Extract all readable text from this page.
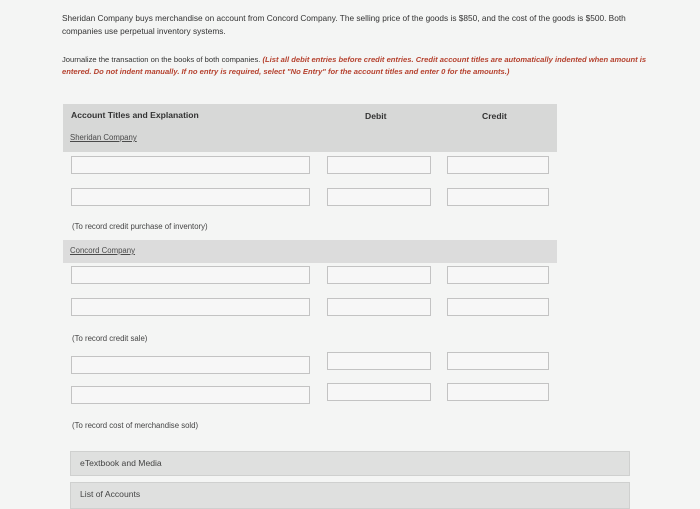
Sheridan Company buys merchandise on account from Concord Company. The selling price of the goods is $850, and the cost of the goods is $500. Both companies use perpetual inventory systems.
Journalize the transaction on the books of both companies. (List all debit entries before credit entries. Credit account titles are automatically indented when amount is entered. Do not indent manually. If no entry is required, select "No Entry" for the account titles and enter 0 for the amounts.)
Account Titles and Explanation	Debit	Credit
Sheridan Company
(To record credit purchase of inventory)
Concord Company
(To record credit sale)
(To record cost of merchandise sold)
eTextbook and Media
List of Accounts
